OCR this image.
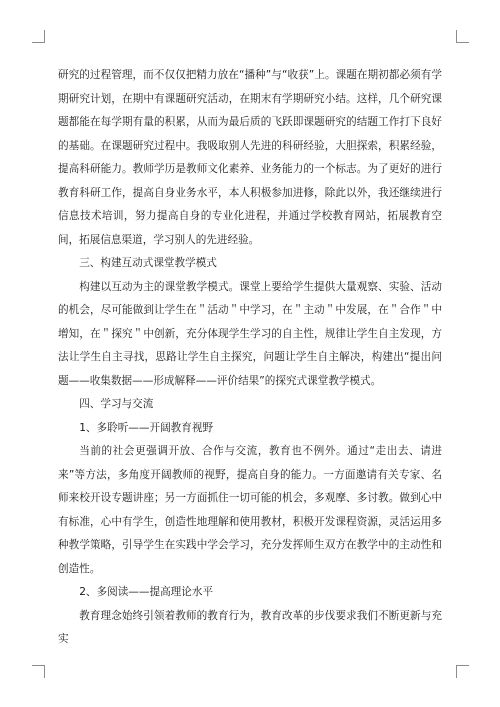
研究的过程管理，而不仅仅把精力放在“播种”与“收获”上。课题在期初都必须有学期研究计划，在期中有课题研究活动，在期末有学期研究小结。这样，几个研究课题都能在每学期有量的积累，从而为最后质的飞跃即课题研究的结题工作打下良好的基础。在课题研究过程中。我吸取别人先进的科研经验，大胆探索，积累经验，提高科研能力。教师学历是教师文化素养、业务能力的一个标志。为了更好的进行教育科研工作，提高自身业务水平，本人积极参加进修，除此以外，我还继续进行信息技术培训，努力提高自身的专业化进程，并通过学校教育网站，拓展教育空间，拓展信息渠道，学习别人的先进经验。

三、构建互动式课堂教学模式

构建以互动为主的课堂教学模式。课堂上要给学生提供大量观察、实验、活动的机会，尽可能做到让学生在＂活动＂中学习，在＂主动＂中发展，在＂合作＂中增知，在＂探究＂中创新，充分体现学生学习的自主性，规律让学生自主发现，方法让学生自主寻找，思路让学生自主探究，问题让学生自主解决，构建出“提出问题——收集数据——形成解释——评价结果”的探究式课堂教学模式。

四、学习与交流

1、多聆听——开阔教育视野

当前的社会更强调开放、合作与交流，教育也不例外。通过“走出去、请进来”等方法，多角度开阔教师的视野，提高自身的能力。一方面邀请有关专家、名 师来校开设专题讲座；另一方面抓住一切可能的机会，多观摩、多讨教。做到心中有标准，心中有学生，创造性地理解和使用教材，积极开发课程资源，灵活运用多种教学策略，引导学生在实践中学会学习，充分发挥师生双方在教学中的主动性和创造性。

2、多阅读——提高理论水平

教育理念始终引领着教师的教育行为，教育改革的步伐要求我们不断更新与充实
